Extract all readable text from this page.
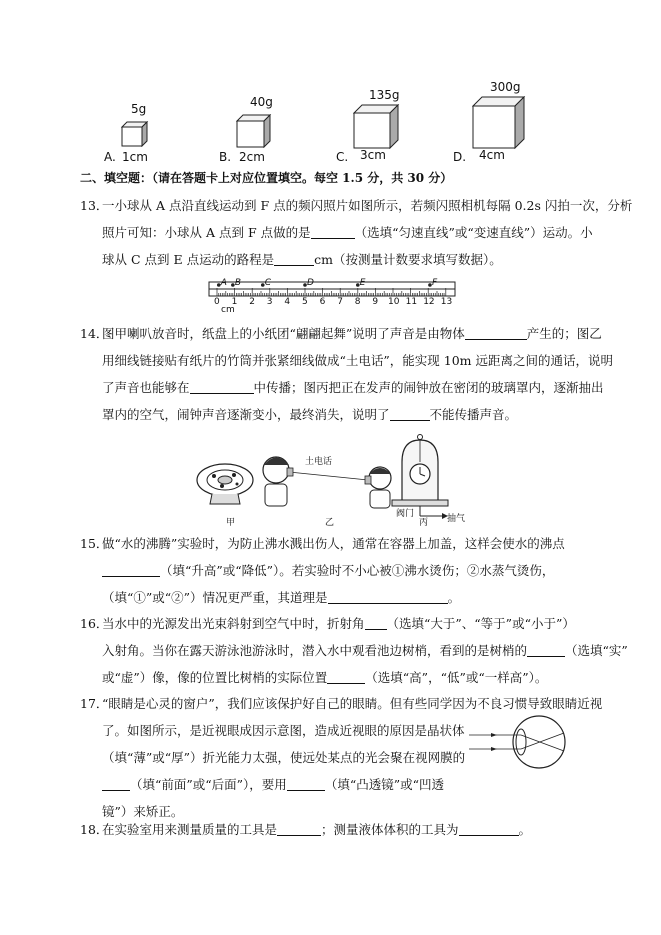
5g
A. 1cm
40g
B. 2cm
135g
C. 3cm
300g
D. 4cm
二、填空题：（请在答题卡上对应位置填空。每空 1.5 分，共 30 分）
13．
一小球从 A 点沿直线运动到 F 点的频闪照片如图所示，若频闪照相机每隔 0.2s 闪拍一次，分析
照片可知：小球从 A 点到 F 点做的是	（选填“匀速直线”或“变速直线”）运动。小
球从 C 点到 E 点运动的路程是	cm（按测量计数要求填写数据）。
0 1 2 3 4 5 6 7 8 9 10 11 12 13
cm
A B	C	D	E	F
14．
图甲喇叭放音时，纸盘上的小纸团“翩翩起舞”说明了声音是由物体	产生的；图乙
用细线链接贴有纸片的竹筒并张紧细线做成“土电话”，能实现 10m 远距离之间的通话，说明
了声音也能够在	中传播；图丙把正在发声的闹钟放在密闭的玻璃罩内，逐渐抽出
罩内的空气，闹钟声音逐渐变小，最终消失，说明了	不能传播声音。
土电话
阀门	抽气
甲	乙	丙
15．
做“水的沸腾”实验时，为防止沸水溅出伤人，通常在容器上加盖，这样会使水的沸点
（填“升高”或“降低”）。若实验时不小心被①沸水烫伤；②水蒸气烫伤，
（填“①”或“②”）情况更严重，其道理是	。
16．
当水中的光源发出光束斜射到空气中时，折射角 （选填“大于”、“等于”或“小于”）
入射角。当你在露天游泳池游泳时，潜入水中观看池边树梢，看到的是树梢的	（选填“实”
或“虚”）像，像的位置比树梢的实际位置	（选填“高”，“低”或“一样高”）。
17．
“眼睛是心灵的窗户”，我们应该保护好自己的眼睛。但有些同学因为不良习惯导致眼睛近视
了。如图所示，是近视眼成因示意图，造成近视眼的原因是晶状体
（填“薄”或“厚”）折光能力太强，使远处某点的光会聚在视网膜的
（填“前面”或“后面”），要用	（填“凸透镜”或“凹透
镜”）来矫正。
18．
在实验室用来测量质量的工具是	；测量液体体积的工具为	。
